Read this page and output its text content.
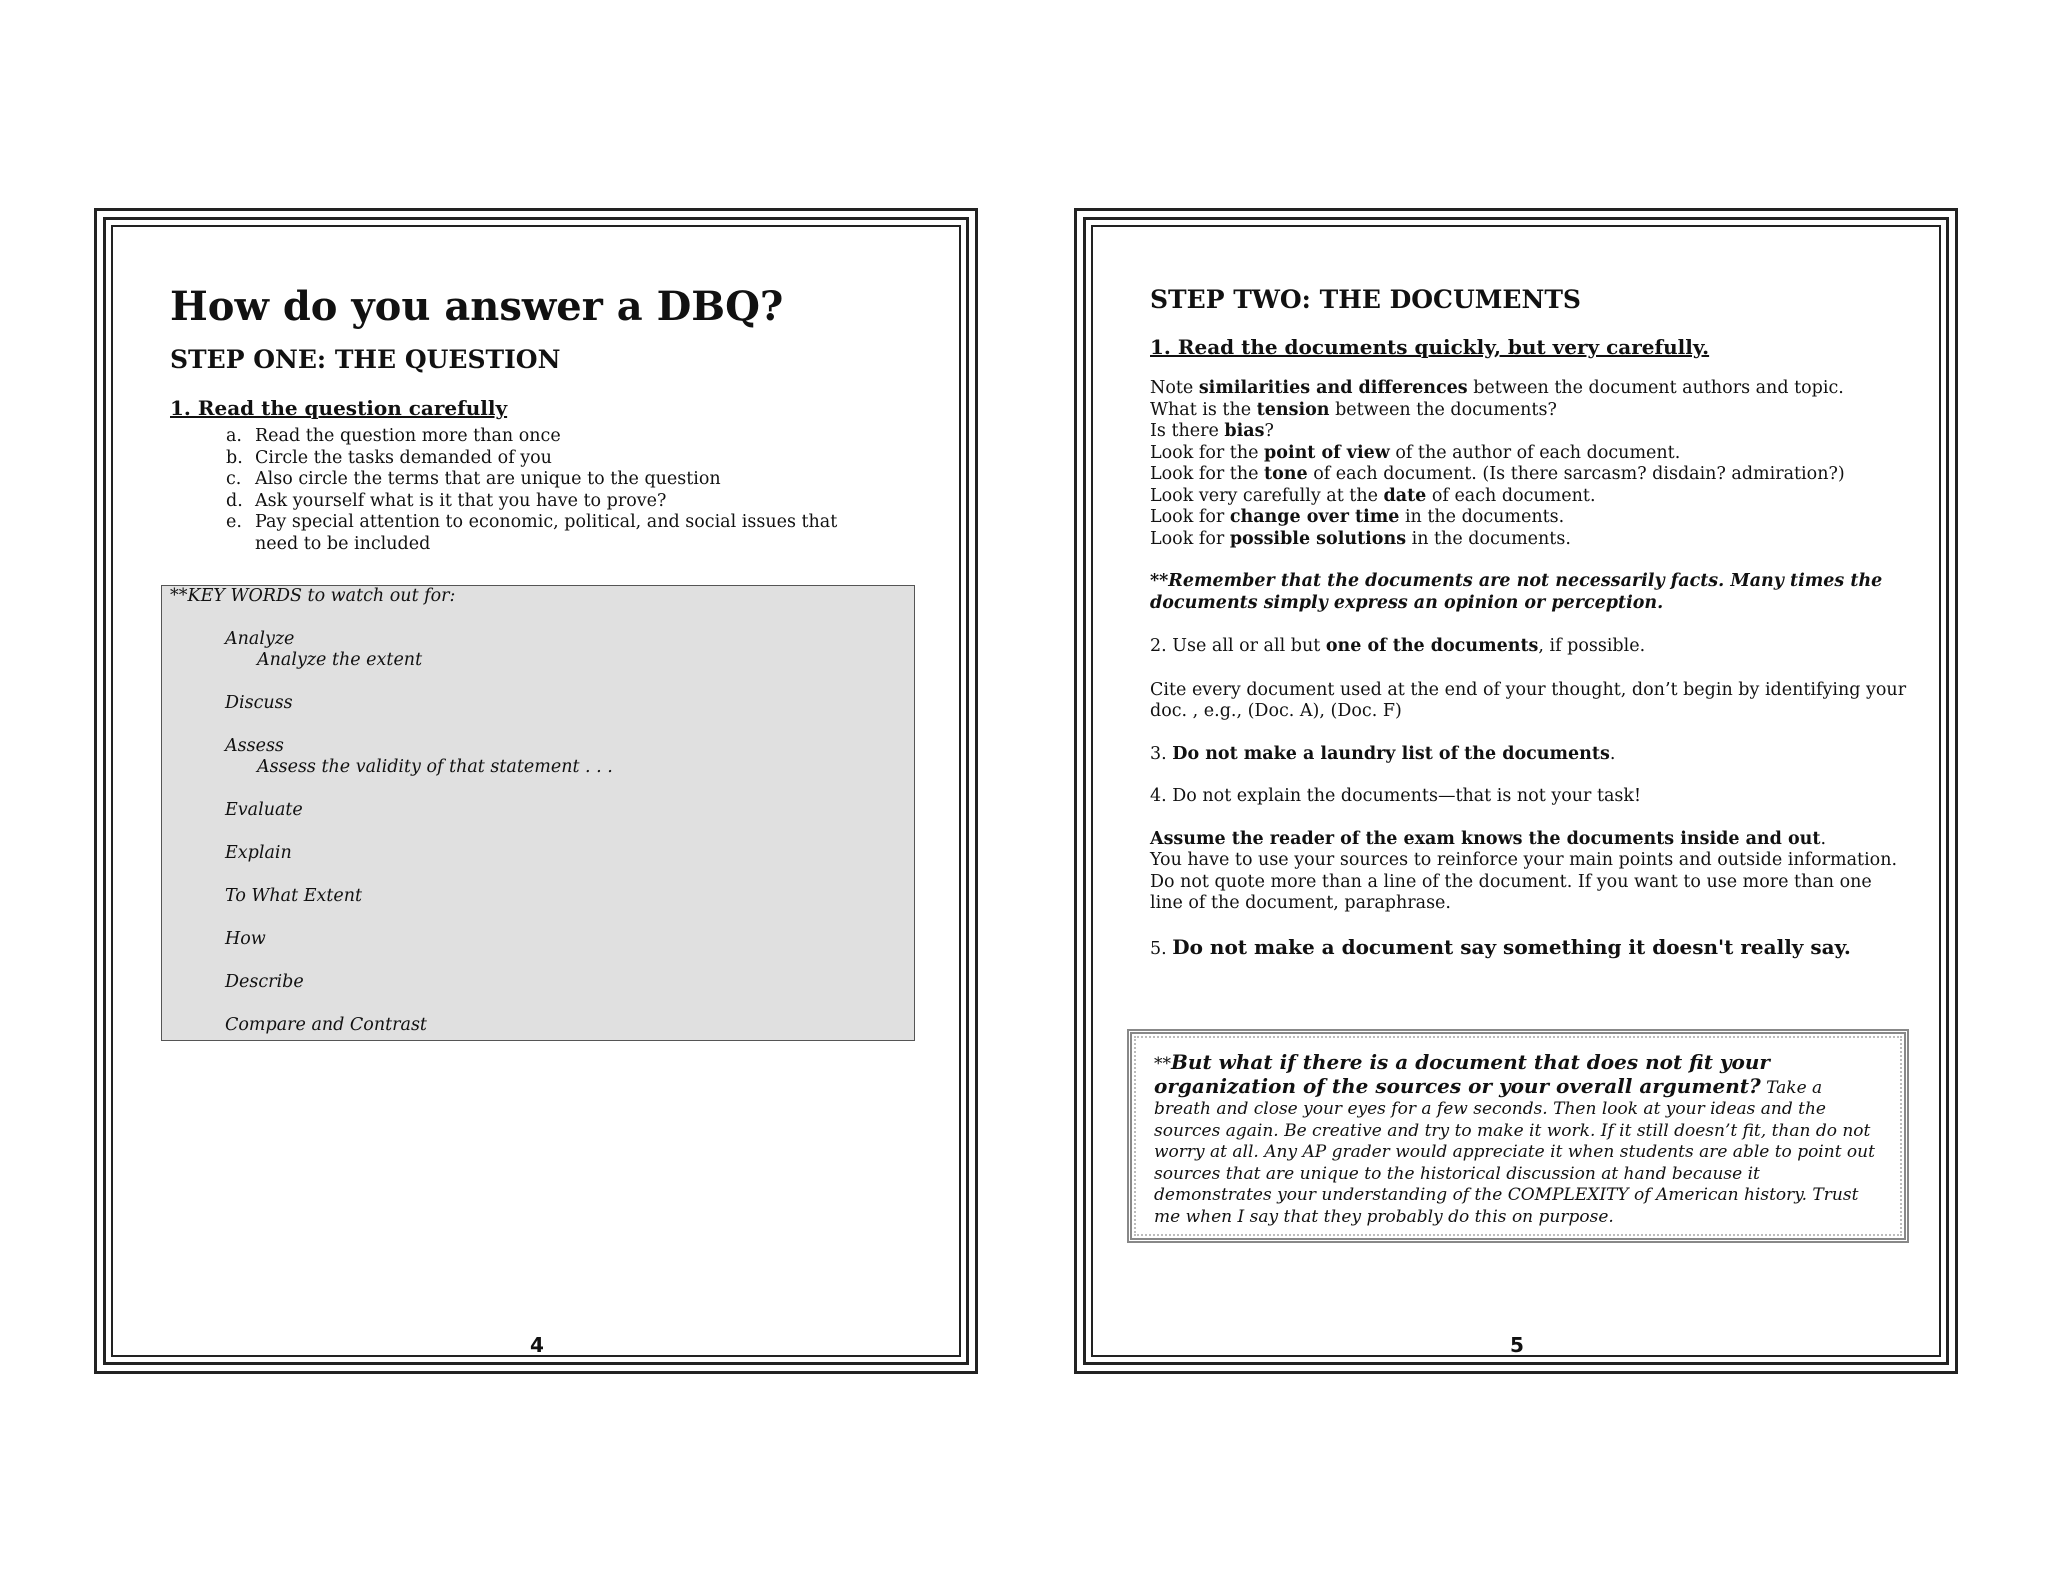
How do you answer a DBQ?
STEP ONE: THE QUESTION
1. Read the question carefully
a. Read the question more than once
b. Circle the tasks demanded of you
c. Also circle the terms that are unique to the question
d. Ask yourself what is it that you have to prove?
e. Pay special attention to economic, political, and social issues that need to be included
**KEY WORDS to watch out for:
Analyze
Analyze the extent
Discuss
Assess
Assess the validity of that statement . . .
Evaluate
Explain
To What Extent
How
Describe
Compare and Contrast
4
STEP TWO: THE DOCUMENTS
1. Read the documents quickly, but very carefully.
Note similarities and differences between the document authors and topic.
What is the tension between the documents?
Is there bias?
Look for the point of view of the author of each document.
Look for the tone of each document. (Is there sarcasm? disdain? admiration?)
Look very carefully at the date of each document.
Look for change over time in the documents.
Look for possible solutions in the documents.
**Remember that the documents are not necessarily facts. Many times the documents simply express an opinion or perception.
2. Use all or all but one of the documents, if possible.
Cite every document used at the end of your thought, don’t begin by identifying your doc. , e.g., (Doc. A), (Doc. F)
3. Do not make a laundry list of the documents.
4. Do not explain the documents—that is not your task!
Assume the reader of the exam knows the documents inside and out.
You have to use your sources to reinforce your main points and outside information.
Do not quote more than a line of the document. If you want to use more than one line of the document, paraphrase.
5. Do not make a document say something it doesn't really say.
**But what if there is a document that does not fit your organization of the sources or your overall argument? Take a breath and close your eyes for a few seconds. Then look at your ideas and the sources again. Be creative and try to make it work. If it still doesn’t fit, than do not worry at all. Any AP grader would appreciate it when students are able to point out sources that are unique to the historical discussion at hand because it demonstrates your understanding of the COMPLEXITY of American history. Trust me when I say that they probably do this on purpose.
5
